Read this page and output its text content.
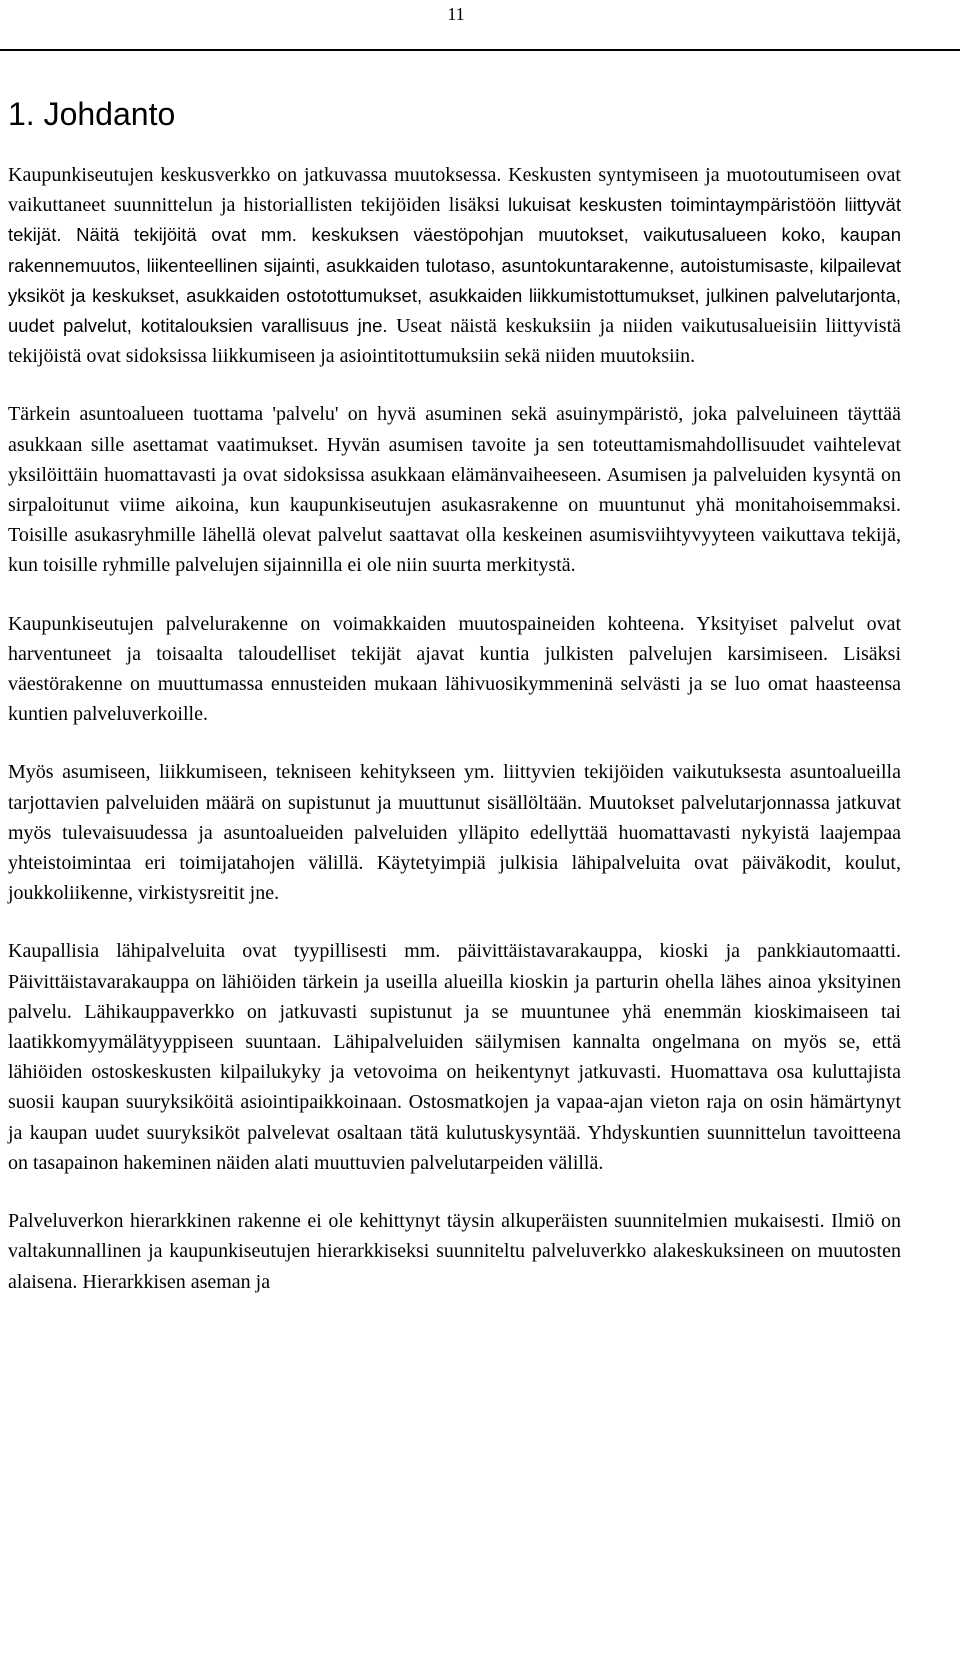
11
1. Johdanto

Kaupunkiseutujen keskusverkko on jatkuvassa muutoksessa. Keskusten syntymiseen ja muotoutumiseen ovat vaikuttaneet suunnittelun ja historiallisten tekijöiden lisäksi lukuisat keskusten toimintaympäristöön liittyvät tekijät. Näitä tekijöitä ovat mm. keskuksen väestöpohjan muutokset, vaikutusalueen koko, kaupan rakennemuutos, liikenteellinen sijainti, asukkaiden tulotaso, asuntokuntarakenne, autoistumisaste, kilpailevat yksiköt ja keskukset, asukkaiden ostotottumukset, asukkaiden liikkumistottumukset, julkinen palvelutarjonta, uudet palvelut, kotitalouksien varallisuus jne. Useat näistä keskuksiin ja niiden vaikutusalueisiin liittyvistä tekijöistä ovat sidoksissa liikkumiseen ja asiointitottumuksiin sekä niiden muutoksiin.

Tärkein asuntoalueen tuottama 'palvelu' on hyvä asuminen sekä asuinympäristö, joka palveluineen täyttää asukkaan sille asettamat vaatimukset. Hyvän asumisen tavoite ja sen toteuttamismahdollisuudet vaihtelevat yksilöittäin huomattavasti ja ovat sidoksissa asukkaan elämänvaiheeseen. Asumisen ja palveluiden kysyntä on sirpaloitunut viime aikoina, kun kaupunkiseutujen asukasrakenne on muuntunut yhä monitahoisemmaksi. Toisille asukasryhmille lähellä olevat palvelut saattavat olla keskeinen asumisviihtyvyyteen vaikuttava tekijä, kun toisille ryhmille palvelujen sijainnilla ei ole niin suurta merkitystä.

Kaupunkiseutujen palvelurakenne on voimakkaiden muutospaineiden kohteena. Yksityiset palvelut ovat harventuneet ja toisaalta taloudelliset tekijät ajavat kuntia julkisten palvelujen karsimiseen. Lisäksi väestörakenne on muuttumassa ennusteiden mukaan lähivuosikymmeninä selvästi ja se luo omat haasteensa kuntien palveluverkoille.

Myös asumiseen, liikkumiseen, tekniseen kehitykseen ym. liittyvien tekijöiden vaikutuksesta asuntoalueilla tarjottavien palveluiden määrä on supistunut ja muuttunut sisällöltään. Muutokset palvelutarjonnassa jatkuvat myös tulevaisuudessa ja asuntoalueiden palveluiden ylläpito edellyttää huomattavasti nykyistä laajempaa yhteistoimintaa eri toimijatahojen välillä. Käytetyimpiä julkisia lähipalveluita ovat päiväkodit, koulut, joukkoliikenne, virkistysreitit jne.

Kaupallisia lähipalveluita ovat tyypillisesti mm. päivittäistavarakauppa, kioski ja pankkiautomaatti. Päivittäistavarakauppa on lähiöiden tärkein ja useilla alueilla kioskin ja parturin ohella lähes ainoa yksityinen palvelu. Lähikauppaverkko on jatkuvasti supistunut ja se muuntunee yhä enemmän kioskimaiseen tai laatikkomyymälätyyppiseen suuntaan. Lähipalveluiden säilymisen kannalta ongelmana on myös se, että lähiöiden ostoskeskusten kilpailukyky ja vetovoima on heikentynyt jatkuvasti. Huomattava osa kuluttajista suosii kaupan suuryksiköitä asiointipaikkoinaan. Ostosmatkojen ja vapaa-ajan vieton raja on osin hämärtynyt ja kaupan uudet suuryksiköt palvelevat osaltaan tätä kulutuskysyntää. Yhdyskuntien suunnittelun tavoitteena on tasapainon hakeminen näiden alati muuttuvien palvelutarpeiden välillä.

Palveluverkon hierarkkinen rakenne ei ole kehittynyt täysin alkuperäisten suunnitelmien mukaisesti. Ilmiö on valtakunnallinen ja kaupunkiseutujen hierarkkiseksi suunniteltu palveluverkko alakeskuksineen on muutosten alaisena. Hierarkkisen aseman ja
